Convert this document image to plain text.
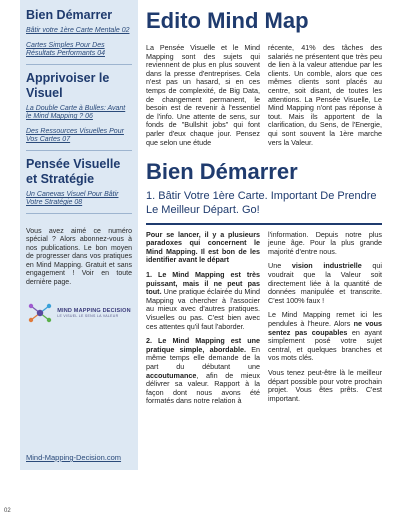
Bien Démarrer
Bâtir votre 1ère Carte Mentale 02
Cartes Simples Pour Des Résultats Performants 04
Apprivoiser le Visuel
La Double Carte à Bulles: Avant le Mind Mapping ? 06
Des Ressources Visuelles Pour Vos Cartes 07
Pensée Visuelle et Stratégie
Un Canevas Visuel Pour Bâtir Votre Stratégie 08
Vous avez aimé ce numéro spécial ? Alors abonnez-vous à nos publications. Le bon moyen de progresser dans vos pratiques en Mind Mapping. Gratuit et sans engagement ! Voir en toute dernière page.
MIND MAPPING DECISION
LE VISUEL LE SENS LA VALEUR
Mind-Mapping-Decision.com
Edito Mind Map
La Pensée Visuelle et le Mind Mapping sont des sujets qui reviennent de plus en plus souvent dans la presse d'entreprises. Cela n'est pas un hasard, si en ces temps de complexité, de Big Data, de changement permanent, le besoin est de revenir à l'essentiel de l'info. Une attente de sens, sur fonds de "Bullshit jobs" qui font parler d'eux chaque jour. Pensez que selon une étude
récente, 41% des tâches des salariés ne présentent que très peu de lien à la valeur attendue par les clients. Un comble, alors que ces mêmes clients sont placés au centre, soit disant, de toutes les attentions. La Pensée Visuelle, Le Mind Mapping n'ont pas réponse à tout. Mais ils apportent de la clarification, du Sens, de l'Energie, qui sont souvent la 1ère marche vers la Valeur.
Bien Démarrer
1. Bâtir Votre 1ère Carte. Important De Prendre Le Meilleur Départ. Go!

Pour se lancer, il y a plusieurs paradoxes qui concernent le Mind Mapping. Il est bon de les identifier avant le départ

1. Le Mind Mapping est très puissant, mais il ne peut pas tout. Une pratique éclairée du Mind Mapping va chercher à l'associer au mieux avec d'autres pratiques. Visuelles ou pas. C'est bien avec ces attentes qu'il faut l'aborder.

2. Le Mind Mapping est une pratique simple, abordable. En même temps elle demande de la part du débutant une accoutumance, afin de mieux délivrer sa valeur. Rapport à la façon dont nous avons été formatés dans notre relation à

l'information. Depuis notre plus jeune âge. Pour la plus grande majorité d'entre nous.

Une vision industrielle qui voudrait que la Valeur soit directement liée à la quantité de données manipulée et transcrite. C'est 100% faux !

Le Mind Mapping remet ici les pendules à l'heure. Alors ne vous sentez pas coupables en ayant simplement posé votre sujet central, et quelques branches et vos mots clés.

Vous tenez peut-être là le meilleur départ possible pour votre prochain projet. Vous êtes prêts. C'est important.

02
